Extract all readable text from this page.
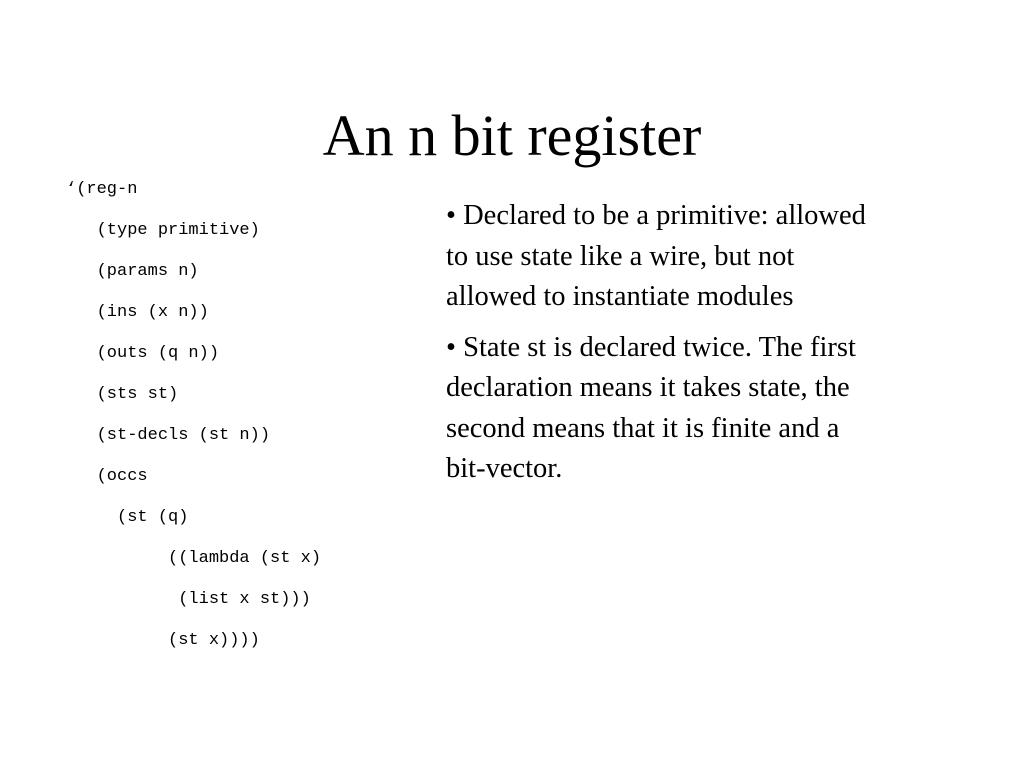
An n bit register
‘(reg-n
(type primitive)
(params n)
(ins (x n))
(outs (q n))
(sts st)
(st-decls (st n))
(occs
(st (q)
((lambda (st x)
(list x st)))
(st x))))
• Declared to be a primitive: allowed
to use state like a wire, but not
allowed to instantiate modules
• State st is declared twice. The first
declaration means it takes state, the
second means that it is finite and a
bit-vector.
